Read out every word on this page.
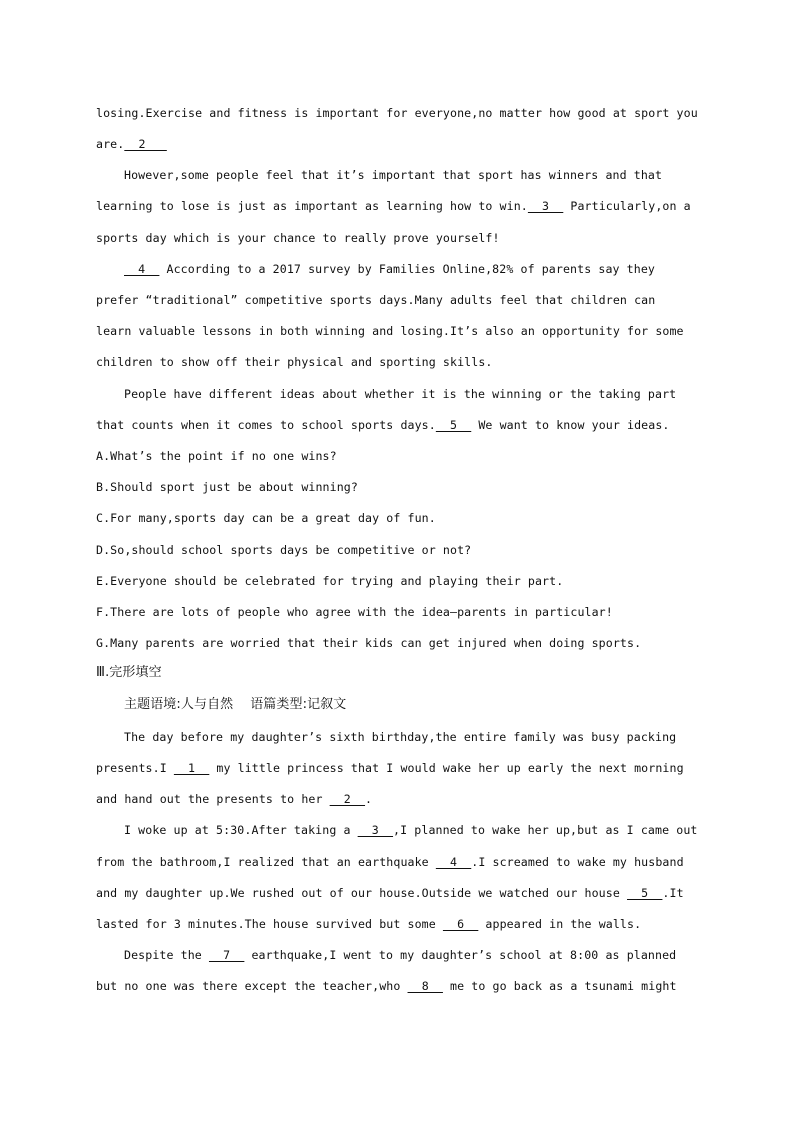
losing.Exercise and fitness is important for everyone,no matter how good at sport you
are.  2
However,some people feel that it’s important that sport has winners and that
learning to lose is just as important as learning how to win.  3   Particularly,on a
sports day which is your chance to really prove yourself!
4   According to a 2017 survey by Families Online,82% of parents say they
prefer “traditional” competitive sports days.Many adults feel that children can
learn valuable lessons in both winning and losing.It’s also an opportunity for some
children to show off their physical and sporting skills.
People have different ideas about whether it is the winning or the taking part
that counts when it comes to school sports days.  5   We want to know your ideas.
A.What’s the point if no one wins?
B.Should sport just be about winning?
C.For many,sports day can be a great day of fun.
D.So,should school sports days be competitive or not?
E.Everyone should be celebrated for trying and playing their part.
F.There are lots of people who agree with the idea—parents in particular!
G.Many parents are worried that their kids can get injured when doing sports.
Ⅲ.完形填空
主题语境:人与自然    语篇类型:记叙文
The day before my daughter’s sixth birthday,the entire family was busy packing
presents.I   1   my little princess that I would wake her up early the next morning
and hand out the presents to her   2  .
I woke up at 5:30.After taking a   3  ,I planned to wake her up,but as I came out
from the bathroom,I realized that an earthquake   4  .I screamed to wake my husband
and my daughter up.We rushed out of our house.Outside we watched our house   5  .It
lasted for 3 minutes.The house survived but some   6   appeared in the walls.
Despite the   7   earthquake,I went to my daughter’s school at 8:00 as planned
but no one was there except the teacher,who   8   me to go back as a tsunami might
